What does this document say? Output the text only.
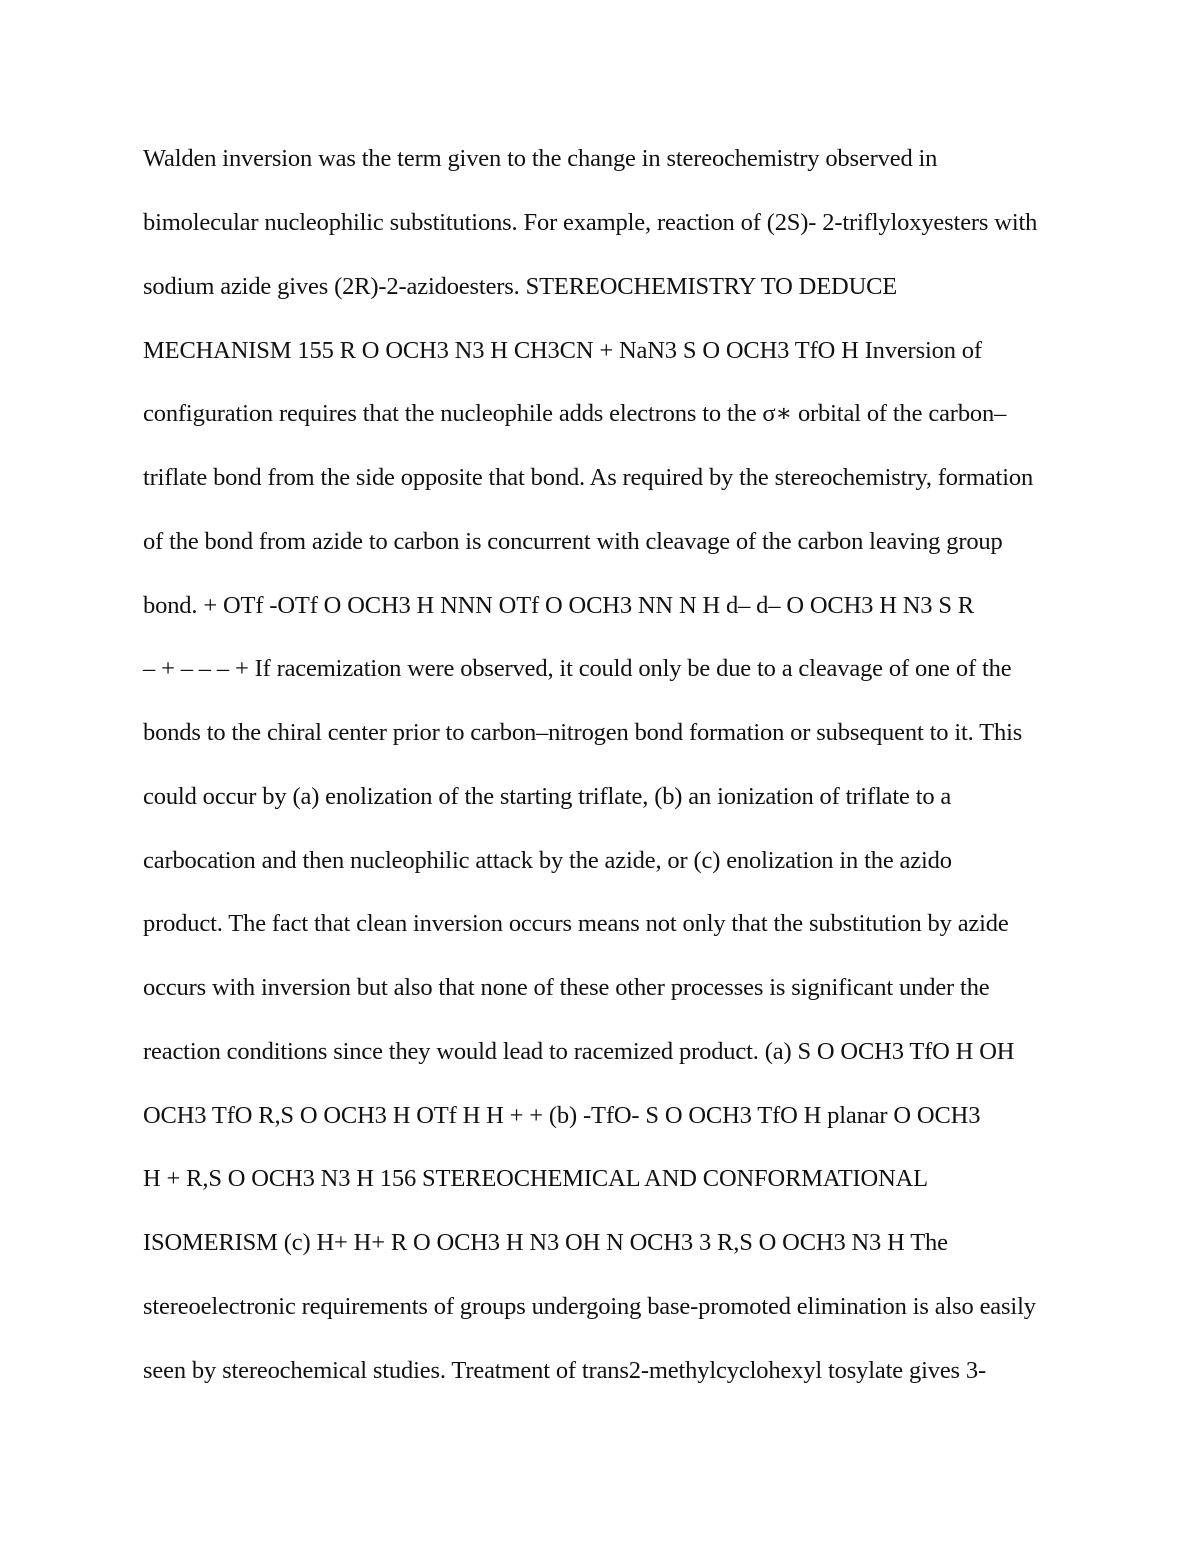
Walden inversion was the term given to the change in stereochemistry observed in
bimolecular nucleophilic substitutions. For example, reaction of (2S)- 2-triflyloxyesters with
sodium azide gives (2R)-2-azidoesters. STEREOCHEMISTRY TO DEDUCE
MECHANISM 155 R O OCH3 N3 H CH3CN + NaN3 S O OCH3 TfO H Inversion of
configuration requires that the nucleophile adds electrons to the σ∗ orbital of the carbon–
triflate bond from the side opposite that bond. As required by the stereochemistry, formation
of the bond from azide to carbon is concurrent with cleavage of the carbon leaving group
bond. + OTf -OTf O OCH3 H NNN OTf O OCH3 NN N H d– d– O OCH3 H N3 S R
– + – – – + If racemization were observed, it could only be due to a cleavage of one of the
bonds to the chiral center prior to carbon–nitrogen bond formation or subsequent to it. This
could occur by (a) enolization of the starting triflate, (b) an ionization of triflate to a
carbocation and then nucleophilic attack by the azide, or (c) enolization in the azido
product. The fact that clean inversion occurs means not only that the substitution by azide
occurs with inversion but also that none of these other processes is significant under the
reaction conditions since they would lead to racemized product. (a) S O OCH3 TfO H OH
OCH3 TfO R,S O OCH3 H OTf H H + + (b) -TfO- S O OCH3 TfO H planar O OCH3
H + R,S O OCH3 N3 H 156 STEREOCHEMICAL AND CONFORMATIONAL
ISOMERISM (c) H+ H+ R O OCH3 H N3 OH N OCH3 3 R,S O OCH3 N3 H The
stereoelectronic requirements of groups undergoing base-promoted elimination is also easily
seen by stereochemical studies. Treatment of trans2-methylcyclohexyl tosylate gives 3-
